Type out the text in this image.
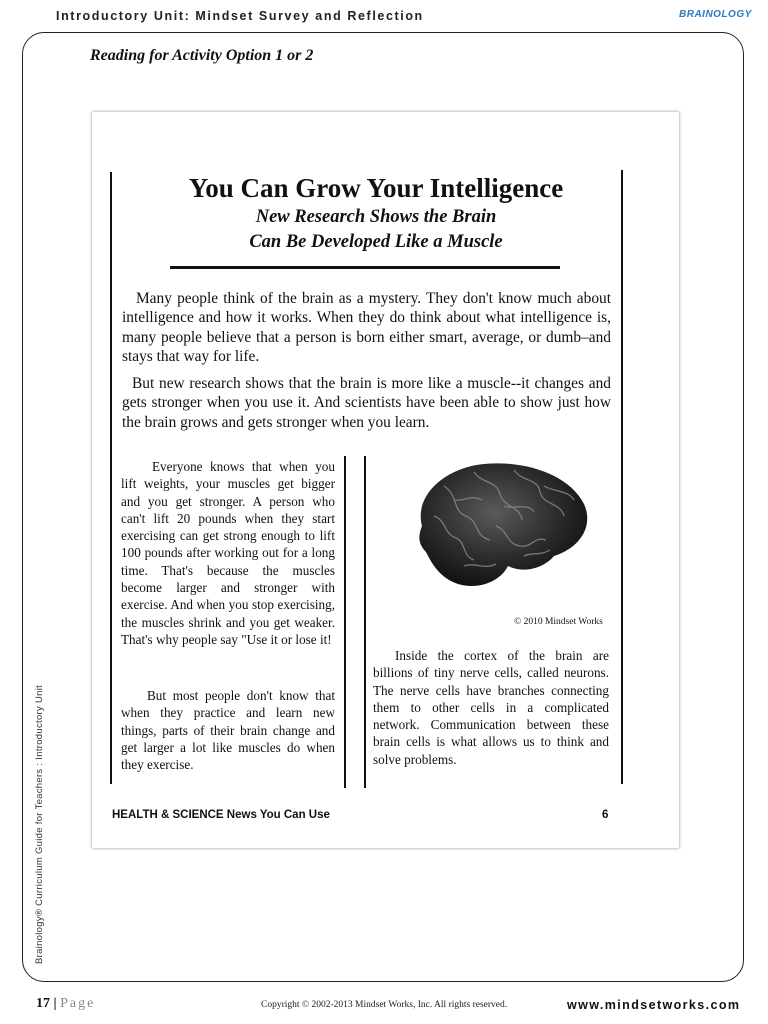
Introductory Unit: Mindset Survey and Reflection	BRAINOLOGY
Brainology® Curriculum Guide for Teachers : Introductory Unit
Reading for Activity Option 1 or 2
You Can Grow Your Intelligence
New Research Shows the Brain
Can Be Developed Like a Muscle

Many people think of the brain as a mystery. They don't know much about intelligence and how it works. When they do think about what intelligence is, many people believe that a person is born either smart, average, or dumb–and stays that way for life.

But new research shows that the brain is more like a muscle--it changes and gets stronger when you use it. And scientists have been able to show just how the brain grows and gets stronger when you learn.

Everyone knows that when you lift weights, your muscles get bigger and you get stronger. A person who can't lift 20 pounds when they start exercising can get strong enough to lift 100 pounds after working out for a long time. That's because the muscles become larger and stronger with exercise. And when you stop exercising, the muscles shrink and you get weaker. That's why people say "Use it or lose it!

But most people don't know that when they practice and learn new things, parts of their brain change and get larger a lot like muscles do when they exercise.

© 2010 Mindset Works

Inside the cortex of the brain are billions of tiny nerve cells, called neurons. The nerve cells have branches connecting them to other cells in a complicated network. Communication between these brain cells is what allows us to think and solve problems.

HEALTH & SCIENCE News You Can Use	6
17 | Page	Copyright © 2002-2013 Mindset Works, Inc. All rights reserved.	www.mindsetworks.com
